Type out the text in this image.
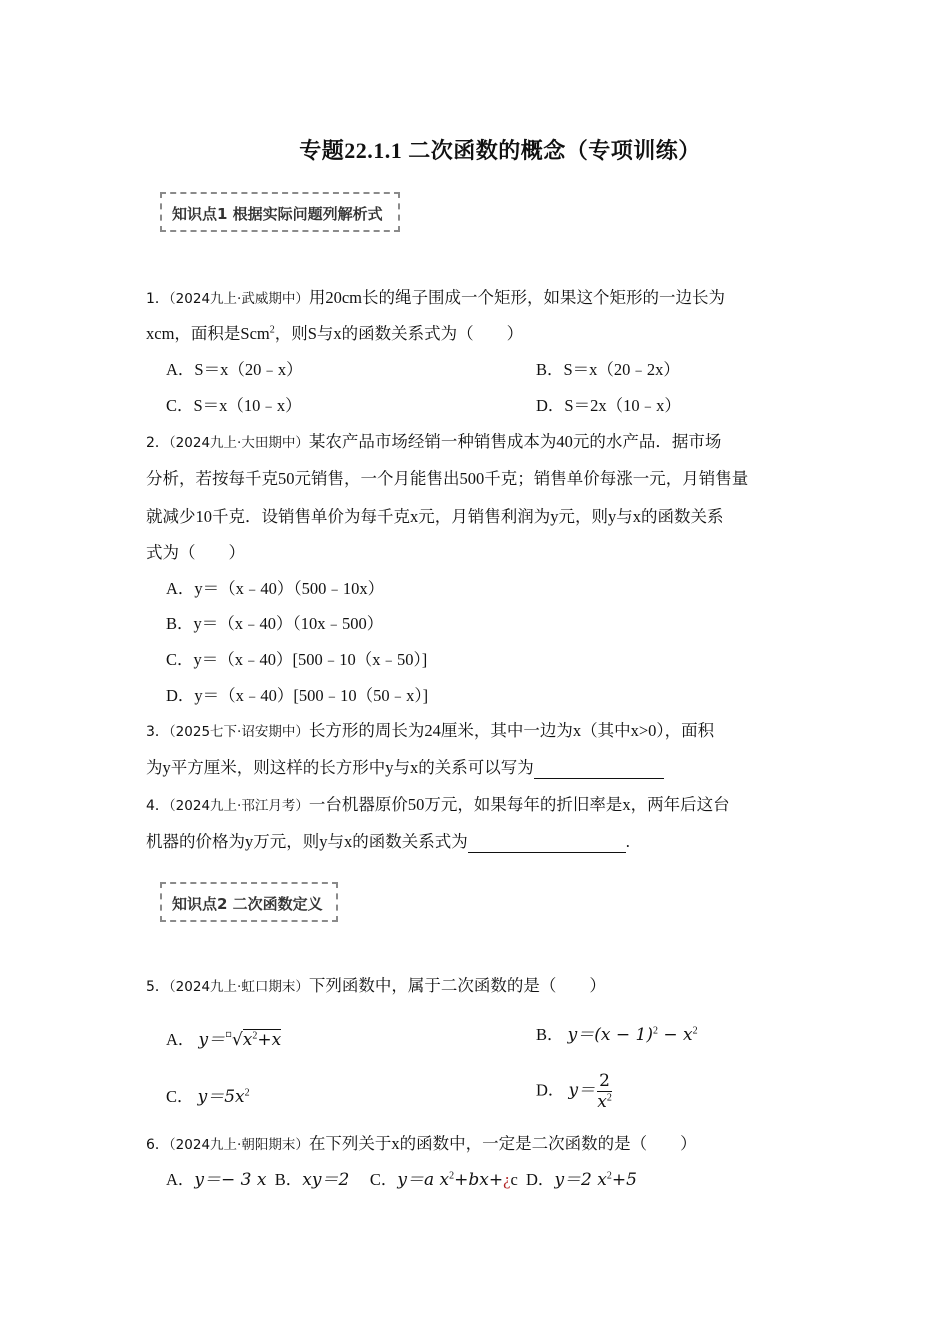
专题22.1.1 二次函数的概念（专项训练）
知识点1 根据实际问题列解析式
1．（2024九上·武威期中）用20cm长的绳子围成一个矩形，如果这个矩形的一边长为
xcm，面积是Scm$^2$，则S与x的函数关系式为（　　）
A．S＝x（20﹣x）	B．S＝x（20﹣2x）
C．S＝x（10﹣x）	D．S＝2x（10﹣x）
2．（2024九上·大田期中）某农产品市场经销一种销售成本为40元的水产品．据市场
分析，若按每千克50元销售，一个月能售出500千克；销售单价每涨一元，月销售量
就减少10千克．设销售单价为每千克x元，月销售利润为y元，则y与x的函数关系
式为（　　）
A．y＝（x﹣40）（500﹣10x）
B．y＝（x﹣40）（10x﹣500）
C．y＝（x﹣40）[500﹣10（x﹣50）]
D．y＝（x﹣40）[500﹣10（50﹣x）]
3．（2025七下·诏安期中）长方形的周长为24厘米，其中一边为x（其中x>0），面积
为y平方厘米，则这样的长方形中y与x的关系可以写为
4．（2024九上·邗江月考）一台机器原价50万元，如果每年的折旧率是x，两年后这台
机器的价格为y万元，则y与x的函数关系式为	.
知识点2 二次函数定义
5．（2024九上·虹口期末）下列函数中，属于二次函数的是（　　）
A． $y=^▫√x^2+x$	B． $y=(x - 1)^2 - x^2$
C． $y=5x^2$	D． $y= \frac{2}{x^2}$
6．（2024九上·朝阳期末）在下列关于x的函数中，一定是二次函数的是（　　）
A．y＝− 3 x B．xy＝2 C．y＝a $x^2+bx+¿c$ D．y＝2 $x^2+5$
